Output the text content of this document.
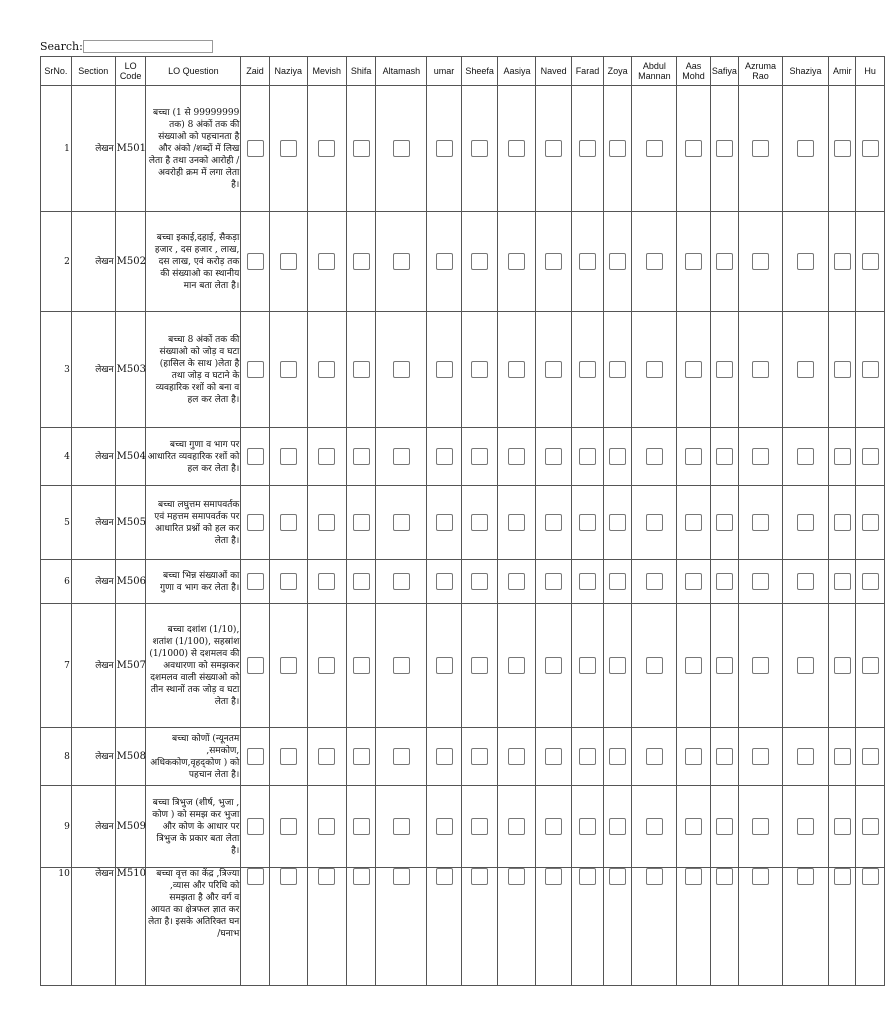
Search:
SrNo.	Section	LO Code	LO Question	Zaid	Naziya	Mevish	Shifa	Altamash	umar	Sheefa	Aasiya	Naved	Farad	Zoya	Abdul Mannan	Aas Mohd	Safiya	Azruma Rao	Shaziya	Amir	Hu
1	लेखन	M501	बच्चा (1 से 99999999 तक) 8 अंकों तक की संख्याओ को पहचानता है और अंको /शब्दों में लिख लेता है तथा उनको आरोही /अवरोही क्रम में लगा लेता है।																		
2	लेखन	M502	बच्चा इकाई,दहाई, सैकड़ा हजार , दस हजार , लाख, दस लाख, एवं करोड़ तक की संख्याओ का स्थानीय मान बता लेता है।																		
3	लेखन	M503	बच्चा 8 अंकों तक की संख्याओ को जोड़ व घटा (हासिल के साथ )लेता है तथा जोड़ व घटाने के व्यवहारिक रशों को बना व हल कर लेता है।																		
4	लेखन	M504	बच्चा गुणा व भाग पर आधारित व्यवहारिक रशों को हल कर लेता है।																		
5	लेखन	M505	बच्चा लघुत्तम समापवर्तक एवं महत्तम समापवर्तक पर आधारित प्रश्नों को हल कर लेता है।																		
6	लेखन	M506	बच्चा भिन्न संख्याओं का गुणा व भाग कर लेता है।																		
7	लेखन	M507	बच्चा दशांश (1/10), शतांश (1/100), सहस्रांश (1/1000) से दशमलव की अवधारणा को समझकर दशमलव वाली संख्याओ को तीन स्थानों तक जोड़ व घटा लेता है।																		
8	लेखन	M508	बच्चा कोणों (न्यूनतम ,समकोण, अधिककोण,वृहद्कोण ) को पहचान लेता है।																		
9	लेखन	M509	बच्चा त्रिभुज (शीर्ष, भुजा , कोण ) को समझ कर भुजा और कोण के आधार पर त्रिभुज के प्रकार बता लेता है।																		
10	लेखन	M510	बच्चा वृत्त का केंद्र ,त्रिज्या ,व्यास और परिधि को समझता है और वर्ग व आयत का क्षेत्रफल ज्ञात कर लेता है। इसके अतिरिक्त घन /घनाभ																		
